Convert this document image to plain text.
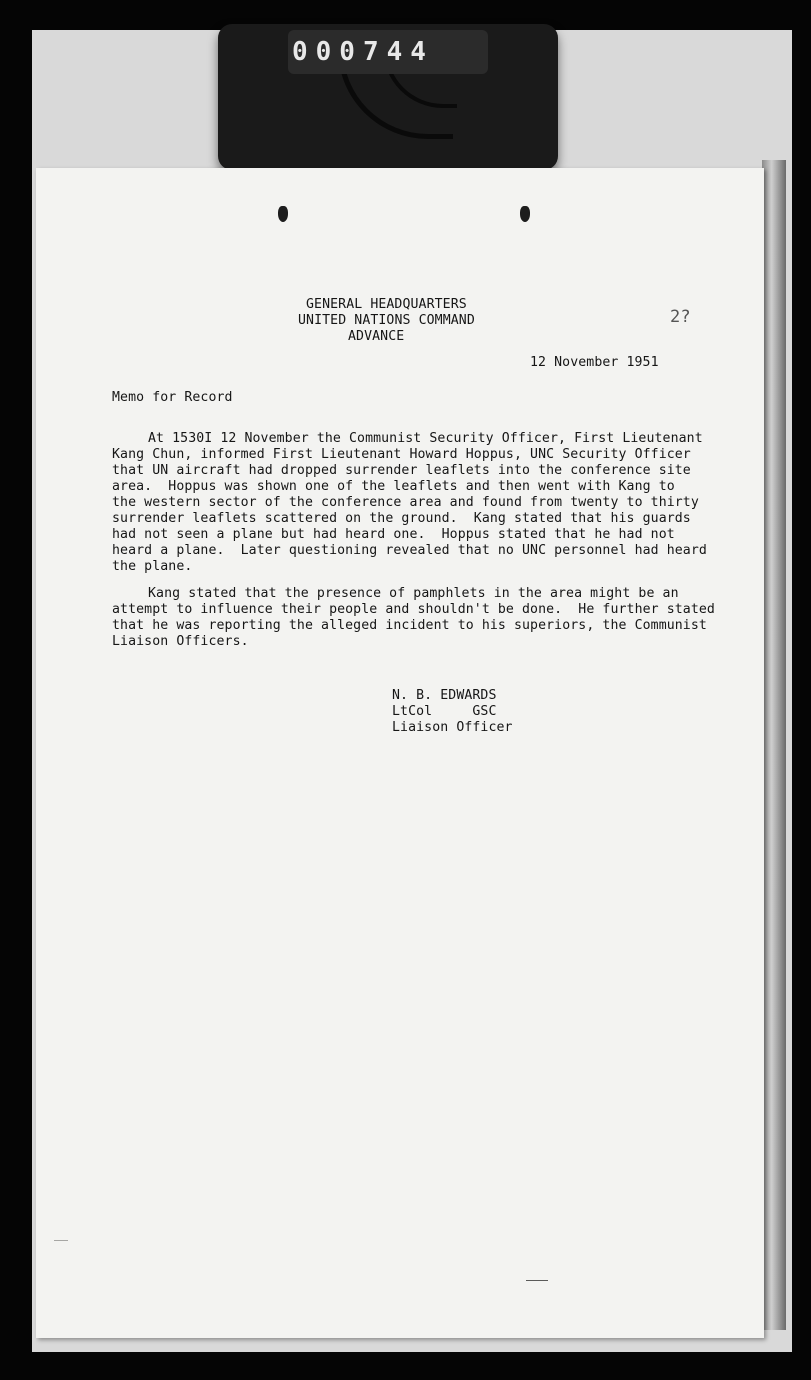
000744
2?
GENERAL HEADQUARTERS
UNITED NATIONS COMMAND
ADVANCE
12 November 1951
Memo for Record
At 1530I 12 November the Communist Security Officer, First Lieutenant
Kang Chun, informed First Lieutenant Howard Hoppus, UNC Security Officer
that UN aircraft had dropped surrender leaflets into the conference site
area.  Hoppus was shown one of the leaflets and then went with Kang to
the western sector of the conference area and found from twenty to thirty
surrender leaflets scattered on the ground.  Kang stated that his guards
had not seen a plane but had heard one.  Hoppus stated that he had not
heard a plane.  Later questioning revealed that no UNC personnel had heard
the plane.
Kang stated that the presence of pamphlets in the area might be an
attempt to influence their people and shouldn't be done.  He further stated
that he was reporting the alleged incident to his superiors, the Communist
Liaison Officers.
N. B. EDWARDS
LtCol     GSC
Liaison Officer
